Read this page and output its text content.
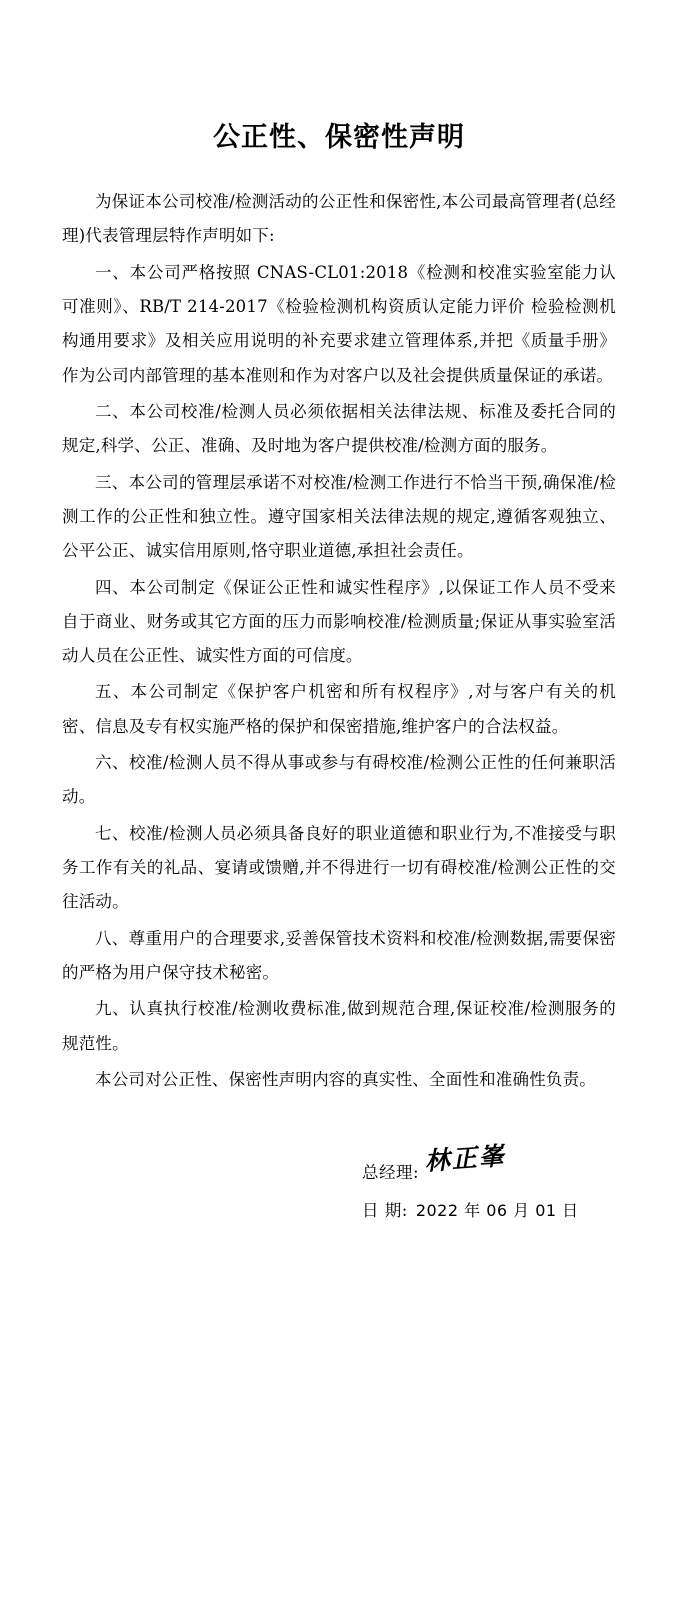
公正性、保密性声明

为保证本公司校准/检测活动的公正性和保密性,本公司最高管理者(总经理)代表管理层特作声明如下:

一、本公司严格按照 CNAS-CL01:2018《检测和校准实验室能力认可准则》、RB/T 214-2017《检验检测机构资质认定能力评价 检验检测机构通用要求》及相关应用说明的补充要求建立管理体系,并把《质量手册》作为公司内部管理的基本准则和作为对客户以及社会提供质量保证的承诺。

二、本公司校准/检测人员必须依据相关法律法规、标准及委托合同的规定,科学、公正、准确、及时地为客户提供校准/检测方面的服务。

三、本公司的管理层承诺不对校准/检测工作进行不恰当干预,确保准/检测工作的公正性和独立性。遵守国家相关法律法规的规定,遵循客观独立、公平公正、诚实信用原则,恪守职业道德,承担社会责任。

四、本公司制定《保证公正性和诚实性程序》,以保证工作人员不受来自于商业、财务或其它方面的压力而影响校准/检测质量;保证从事实验室活动人员在公正性、诚实性方面的可信度。

五、本公司制定《保护客户机密和所有权程序》,对与客户有关的机密、信息及专有权实施严格的保护和保密措施,维护客户的合法权益。

六、校准/检测人员不得从事或参与有碍校准/检测公正性的任何兼职活动。

七、校准/检测人员必须具备良好的职业道德和职业行为,不准接受与职务工作有关的礼品、宴请或馈赠,并不得进行一切有碍校准/检测公正性的交往活动。

八、尊重用户的合理要求,妥善保管技术资料和校准/检测数据,需要保密的严格为用户保守技术秘密。

九、认真执行校准/检测收费标准,做到规范合理,保证校准/检测服务的规范性。

本公司对公正性、保密性声明内容的真实性、全面性和准确性负责。

总经理: 林正峯
日 期: 2022 年 06 月 01 日
